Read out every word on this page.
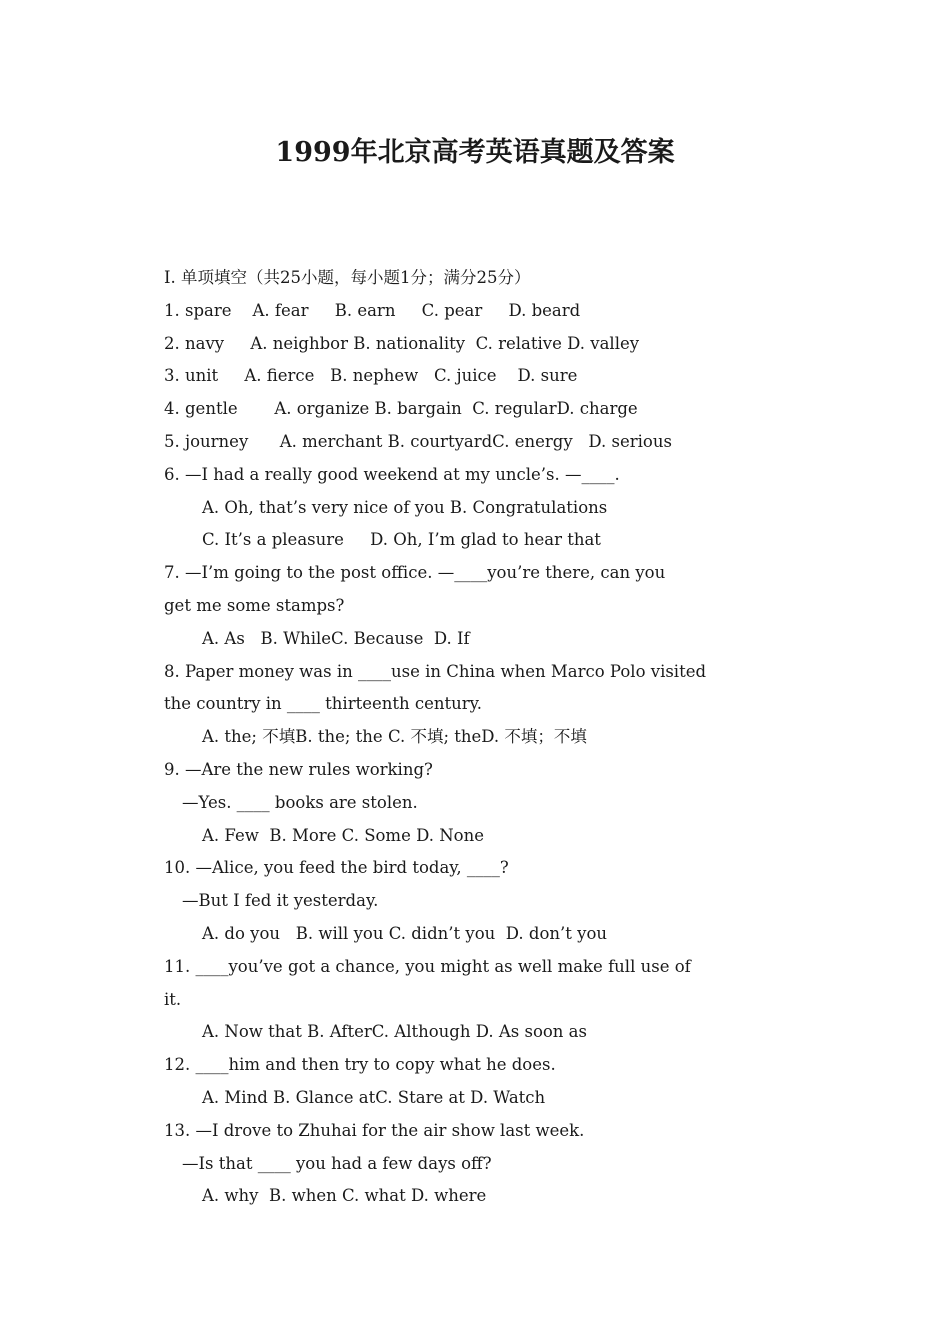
1999年北京高考英语真题及答案
I. 单项填空（共25小题，每小题1分；满分25分）
1. spare    A. fear     B. earn     C. pear     D. beard
2. navy     A. neighbor B. nationality  C. relative D. valley
3. unit     A. fierce   B. nephew   C. juice    D. sure
4. gentle       A. organize B. bargain  C. regularD. charge
5. journey      A. merchant B. courtyardC. energy   D. serious
6. —I had a really good weekend at my uncle’s. —____.
A. Oh, that’s very nice of you B. Congratulations
C. It’s a pleasure     D. Oh, I’m glad to hear that
7. —I’m going to the post office. —____you’re there, can you
get me some stamps?
A. As   B. WhileC. Because  D. If
8. Paper money was in ____use in China when Marco Polo visited
the country in ____ thirteenth century.
A. the; 不填B. the; the C. 不填; theD. 不填；不填
9. —Are the new rules working?
—Yes. ____ books are stolen.
A. Few  B. More C. Some D. None
10. —Alice, you feed the bird today, ____?
—But I fed it yesterday.
A. do you   B. will you C. didn’t you  D. don’t you
11. ____you’ve got a chance, you might as well make full use of
it.
A. Now that B. AfterC. Although D. As soon as
12. ____him and then try to copy what he does.
A. Mind B. Glance atC. Stare at D. Watch
13. —I drove to Zhuhai for the air show last week.
—Is that ____ you had a few days off?
A. why  B. when C. what D. where
